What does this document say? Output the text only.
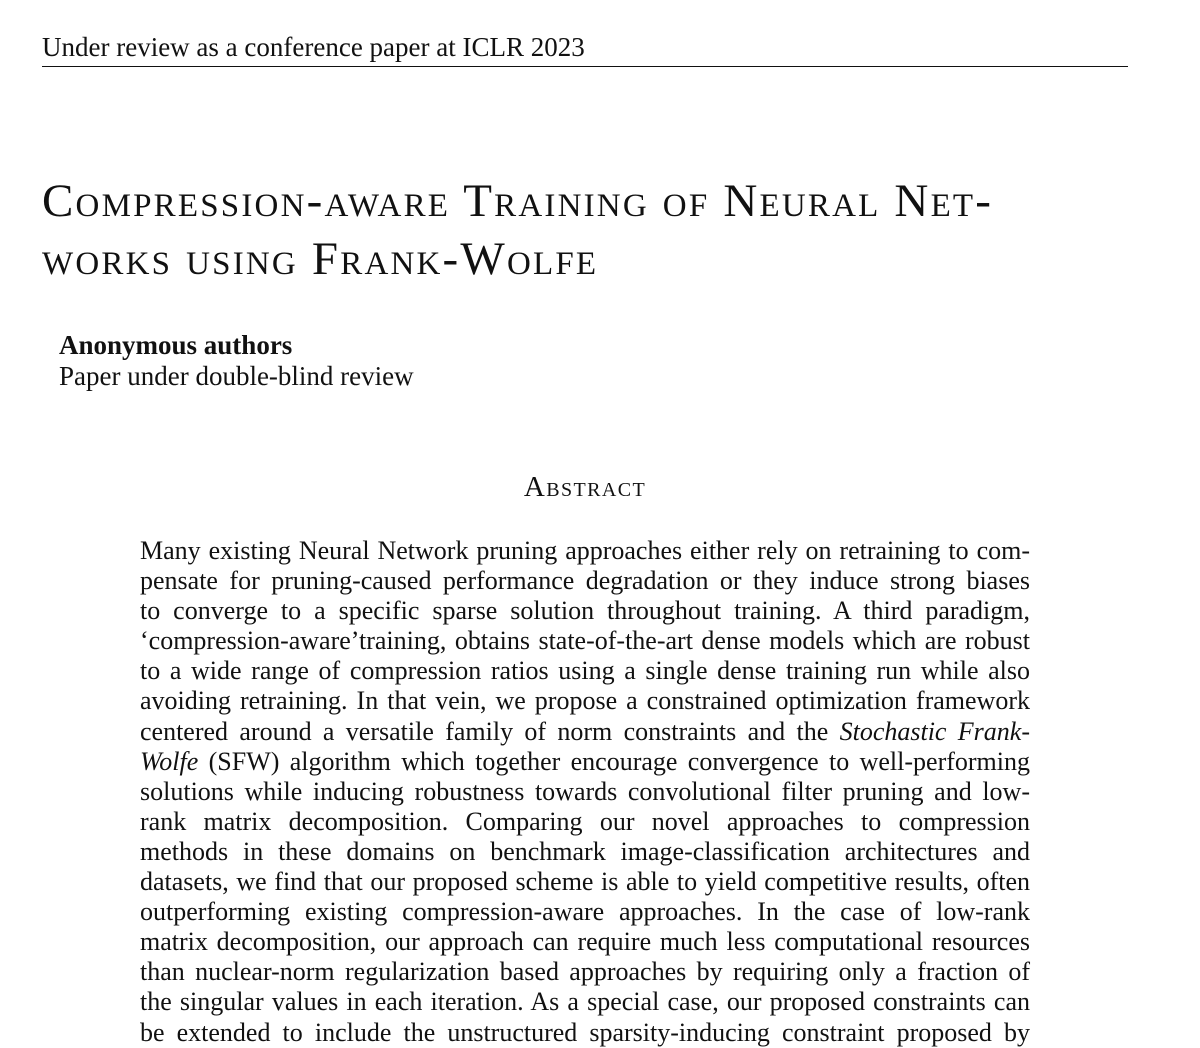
Under review as a conference paper at ICLR 2023
Compression-aware Training of Neural Net-
works using Frank-Wolfe
Anonymous authors
Paper under double-blind review
Abstract
Many existing Neural Network pruning approaches either rely on retraining to com-
pensate for pruning-caused performance degradation or they induce strong biases
to converge to a specific sparse solution throughout training. A third paradigm,
‘compression-aware’training, obtains state-of-the-art dense models which are robust
to a wide range of compression ratios using a single dense training run while also
avoiding retraining. In that vein, we propose a constrained optimization framework
centered around a versatile family of norm constraints and the Stochastic Frank-
Wolfe (SFW) algorithm which together encourage convergence to well-performing
solutions while inducing robustness towards convolutional filter pruning and low-
rank matrix decomposition. Comparing our novel approaches to compression
methods in these domains on benchmark image-classification architectures and
datasets, we find that our proposed scheme is able to yield competitive results, often
outperforming existing compression-aware approaches. In the case of low-rank
matrix decomposition, our approach can require much less computational resources
than nuclear-norm regularization based approaches by requiring only a fraction of
the singular values in each iteration. As a special case, our proposed constraints can
be extended to include the unstructured sparsity-inducing constraint proposed by
